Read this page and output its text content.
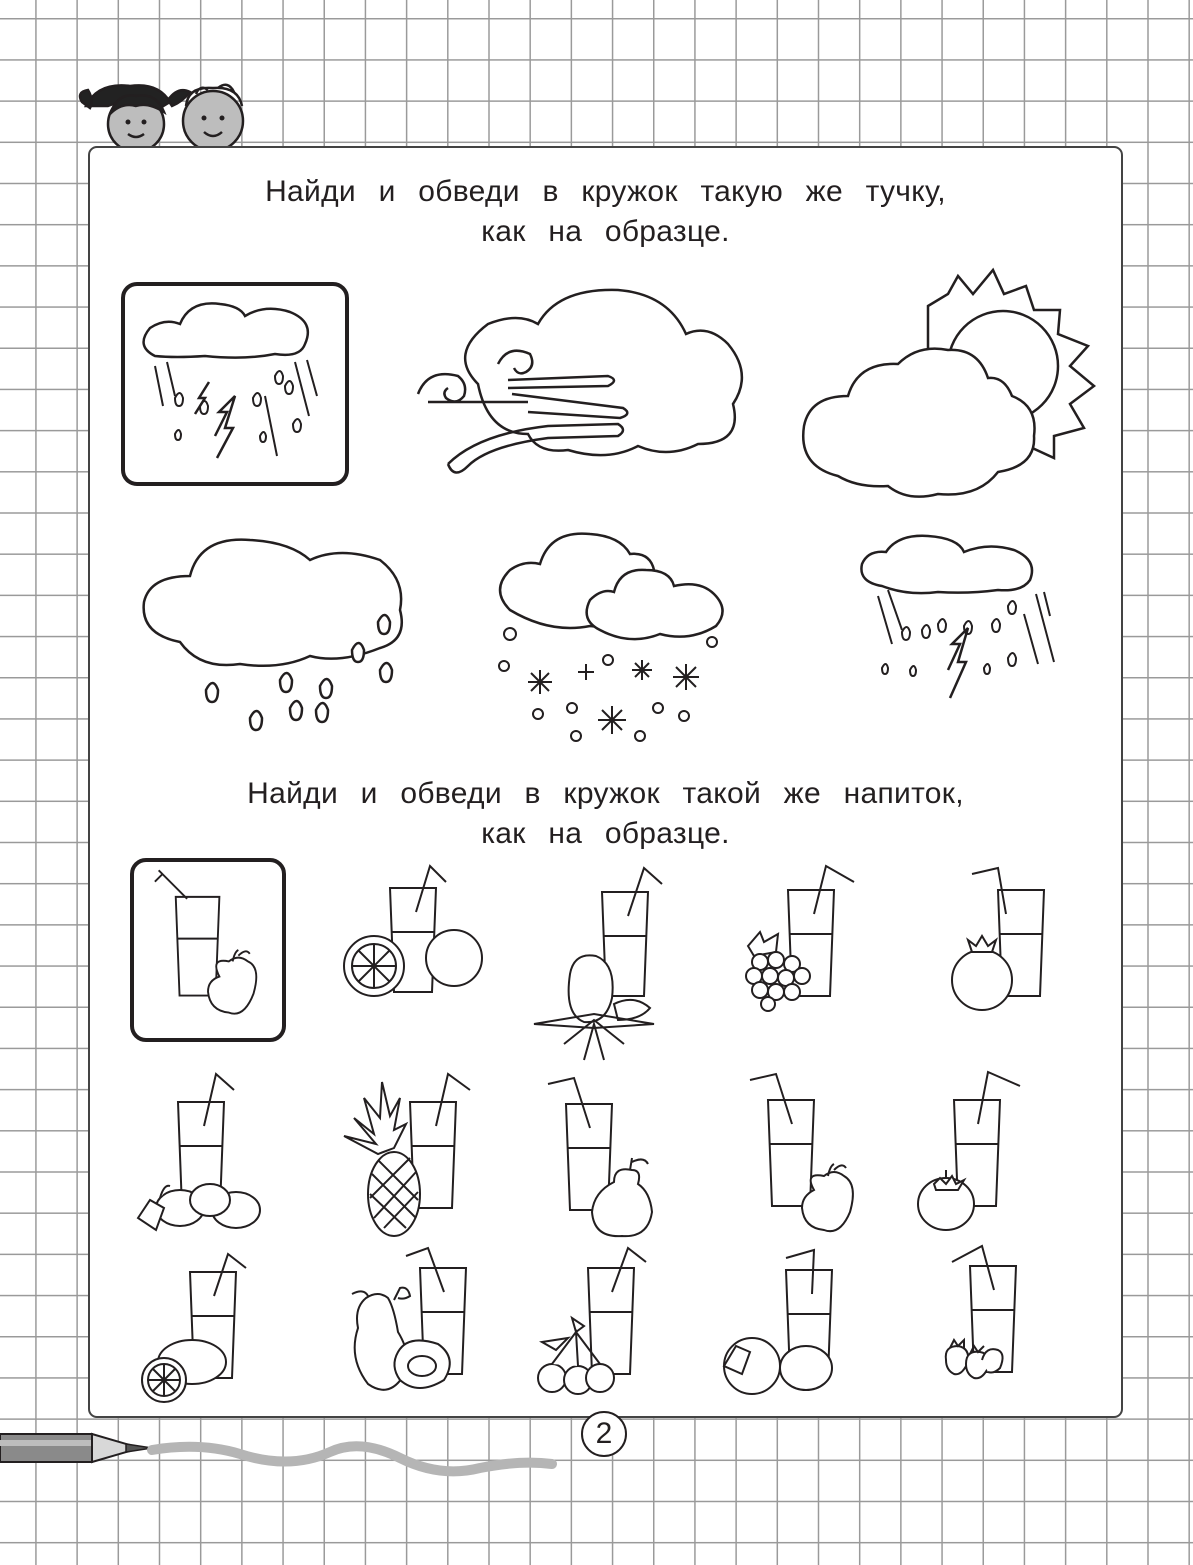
Найди и обведи в кружок такую же тучку,
как на образце.
Найди и обведи в кружок такой же напиток,
как на образце.
2
